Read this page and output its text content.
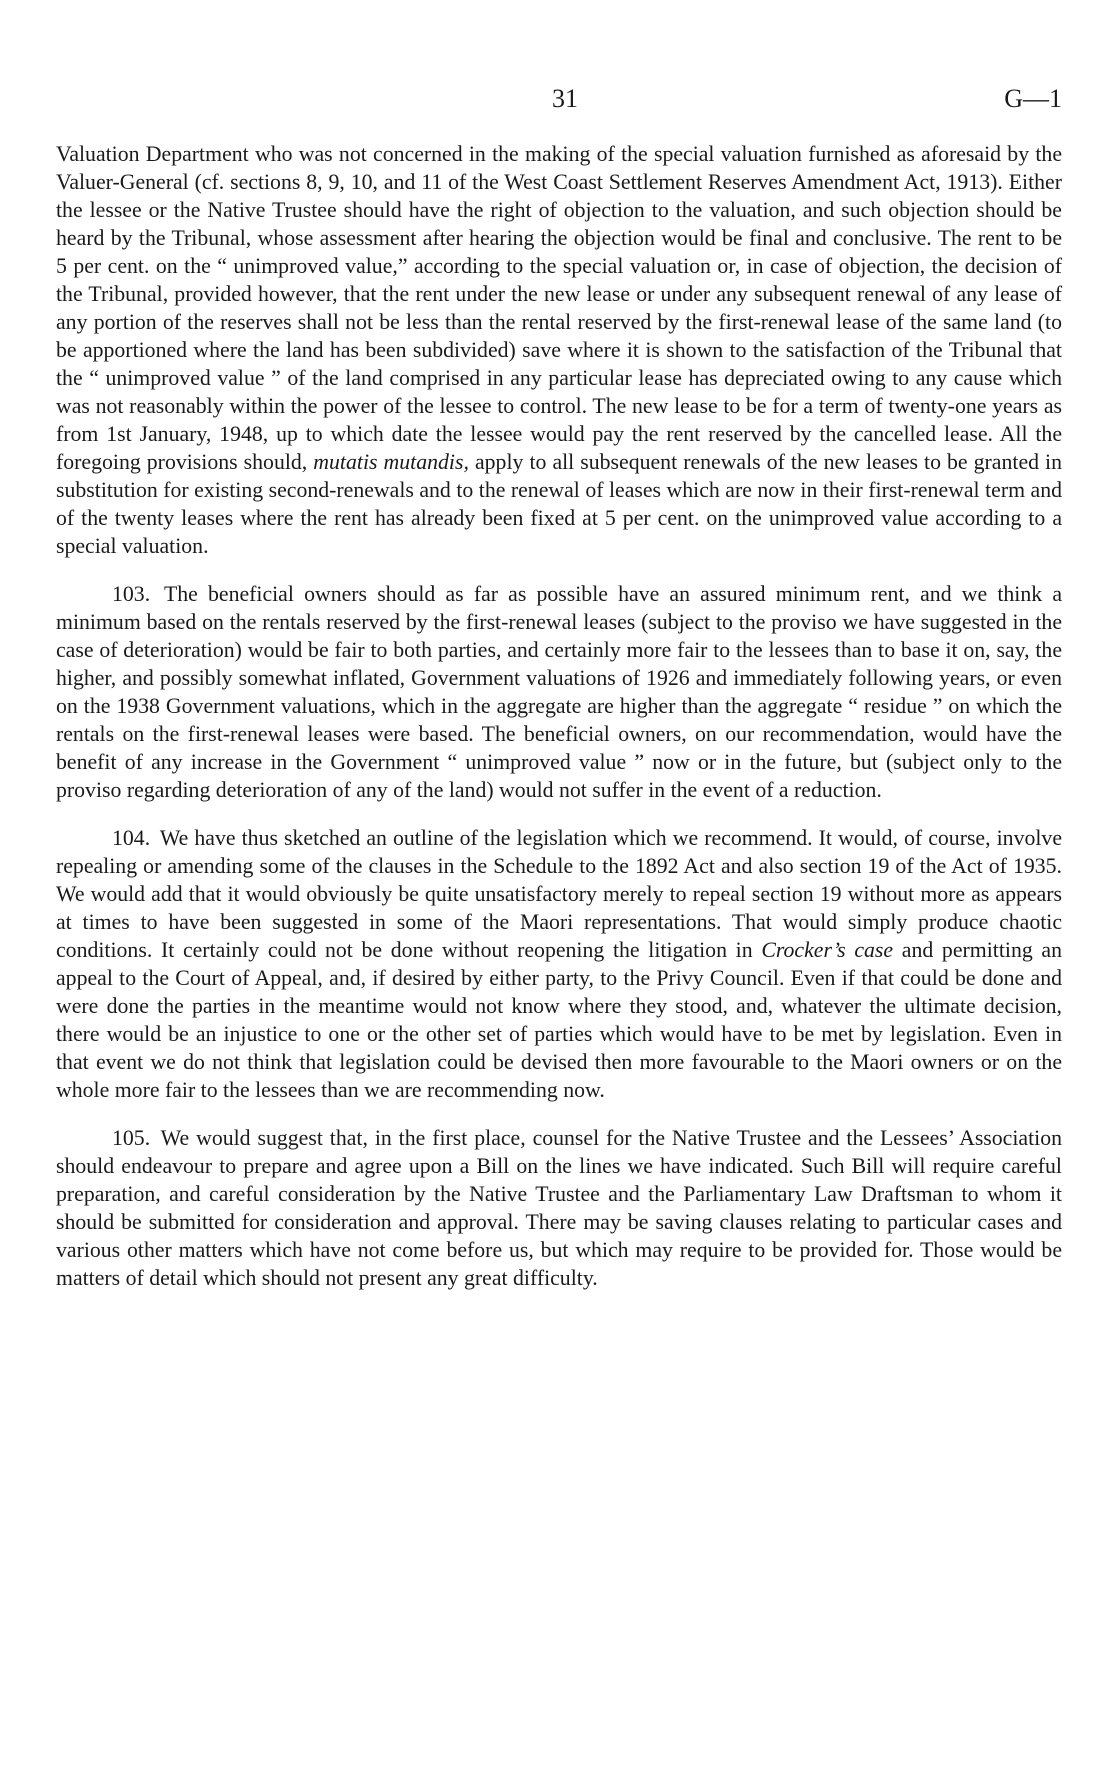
31	G—1

Valuation Department who was not concerned in the making of the special valuation furnished as aforesaid by the Valuer-General (cf. sections 8, 9, 10, and 11 of the West Coast Settlement Reserves Amendment Act, 1913). Either the lessee or the Native Trustee should have the right of objection to the valuation, and such objection should be heard by the Tribunal, whose assessment after hearing the objection would be final and conclusive. The rent to be 5 per cent. on the “ unimproved value,” according to the special valuation or, in case of objection, the decision of the Tribunal, provided however, that the rent under the new lease or under any subsequent renewal of any lease of any portion of the reserves shall not be less than the rental reserved by the first-renewal lease of the same land (to be apportioned where the land has been subdivided) save where it is shown to the satisfaction of the Tribunal that the “ unimproved value ” of the land comprised in any particular lease has depreciated owing to any cause which was not reasonably within the power of the lessee to control. The new lease to be for a term of twenty-one years as from 1st January, 1948, up to which date the lessee would pay the rent reserved by the cancelled lease. All the foregoing provisions should, mutatis mutandis, apply to all subsequent renewals of the new leases to be granted in substitution for existing second-renewals and to the renewal of leases which are now in their first-renewal term and of the twenty leases where the rent has already been fixed at 5 per cent. on the unimproved value according to a special valuation.

103. The beneficial owners should as far as possible have an assured minimum rent, and we think a minimum based on the rentals reserved by the first-renewal leases (subject to the proviso we have suggested in the case of deterioration) would be fair to both parties, and certainly more fair to the lessees than to base it on, say, the higher, and possibly somewhat inflated, Government valuations of 1926 and immediately following years, or even on the 1938 Government valuations, which in the aggregate are higher than the aggregate “ residue ” on which the rentals on the first-renewal leases were based. The beneficial owners, on our recommendation, would have the benefit of any increase in the Government “ unimproved value ” now or in the future, but (subject only to the proviso regarding deterioration of any of the land) would not suffer in the event of a reduction.

104. We have thus sketched an outline of the legislation which we recommend. It would, of course, involve repealing or amending some of the clauses in the Schedule to the 1892 Act and also section 19 of the Act of 1935. We would add that it would obviously be quite unsatisfactory merely to repeal section 19 without more as appears at times to have been suggested in some of the Maori representations. That would simply produce chaotic conditions. It certainly could not be done without reopening the litigation in Crocker’s case and permitting an appeal to the Court of Appeal, and, if desired by either party, to the Privy Council. Even if that could be done and were done the parties in the meantime would not know where they stood, and, whatever the ultimate decision, there would be an injustice to one or the other set of parties which would have to be met by legislation. Even in that event we do not think that legislation could be devised then more favourable to the Maori owners or on the whole more fair to the lessees than we are recommending now.

105. We would suggest that, in the first place, counsel for the Native Trustee and the Lessees’ Association should endeavour to prepare and agree upon a Bill on the lines we have indicated. Such Bill will require careful preparation, and careful consideration by the Native Trustee and the Parliamentary Law Draftsman to whom it should be submitted for consideration and approval. There may be saving clauses relating to particular cases and various other matters which have not come before us, but which may require to be provided for. Those would be matters of detail which should not present any great difficulty.
